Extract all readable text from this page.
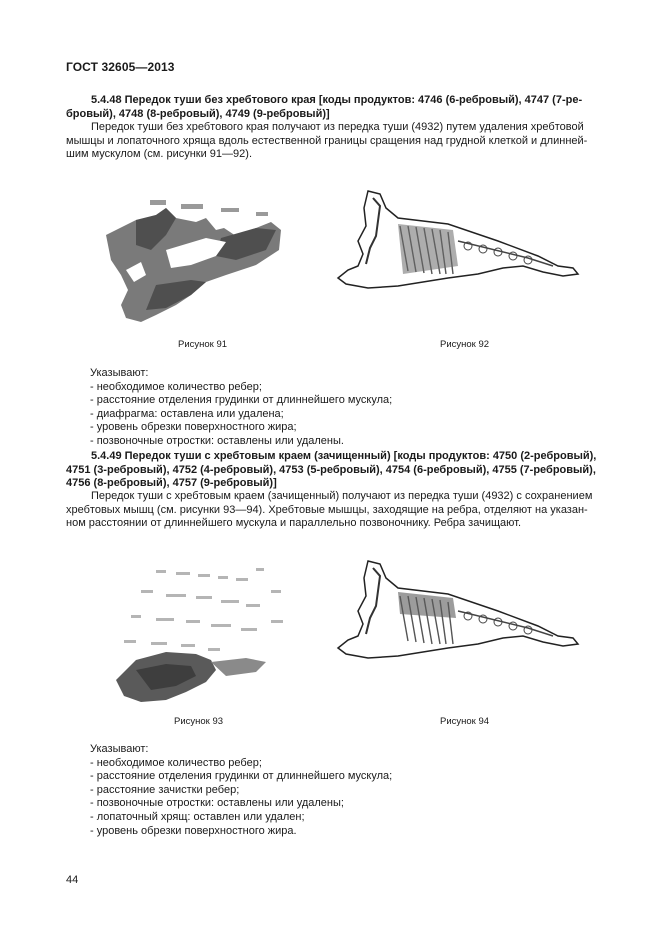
ГОСТ 32605—2013
5.4.48 Передок туши без хребтового края [коды продуктов: 4746 (6-ребровый), 4747 (7-ре-
бровый), 4748 (8-ребровый), 4749 (9-ребровый)]
Передок туши без хребтового края получают из передка туши (4932) путем удаления хребтовой
мышцы и лопаточного хряща вдоль естественной границы сращения над грудной клеткой и длинней-
шим мускулом (см. рисунки 91—92).
Рисунок 91	Рисунок 92
Указывают:
- необходимое количество ребер;
- расстояние отделения грудинки от длиннейшего мускула;
- диафрагма: оставлена или удалена;
- уровень обрезки поверхностного жира;
- позвоночные отростки: оставлены или удалены.
5.4.49 Передок туши с хребтовым краем (зачищенный) [коды продуктов: 4750 (2-ребровый),
4751 (3-ребровый), 4752 (4-ребровый), 4753 (5-ребровый), 4754 (6-ребровый), 4755 (7-ребровый),
4756 (8-ребровый), 4757 (9-ребровый)]
Передок туши с хребтовым краем (зачищенный) получают из передка туши (4932) с сохранением
хребтовых мышц (см. рисунки 93—94). Хребтовые мышцы, заходящие на ребра, отделяют на указан-
ном расстоянии от длиннейшего мускула и параллельно позвоночнику. Ребра зачищают.
Рисунок 93	Рисунок 94
Указывают:
- необходимое количество ребер;
- расстояние отделения грудинки от длиннейшего мускула;
- расстояние зачистки ребер;
- позвоночные отростки: оставлены или удалены;
- лопаточный хрящ: оставлен или удален;
- уровень обрезки поверхностного жира.
44
